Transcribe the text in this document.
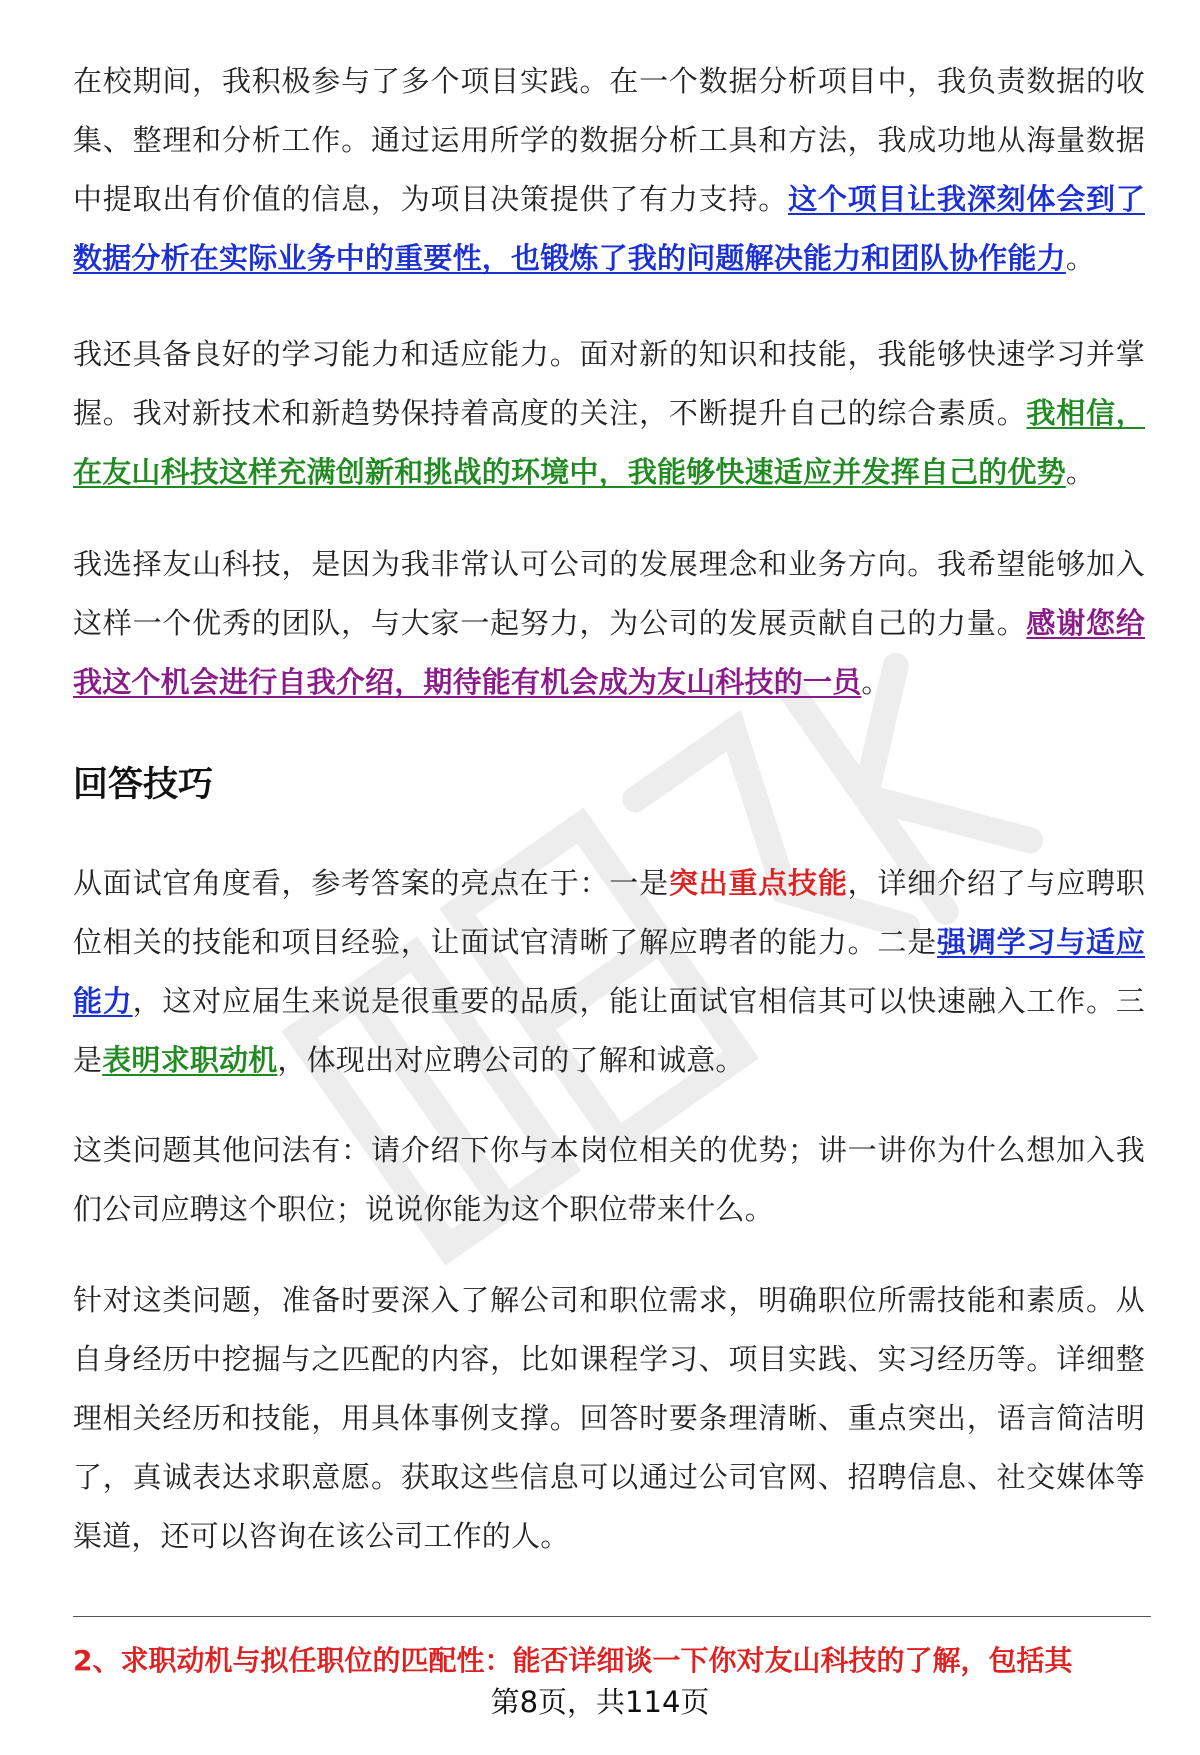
在校期间，我积极参与了多个项目实践。在一个数据分析项目中，我负责数据的收集、整理和分析工作。通过运用所学的数据分析工具和方法，我成功地从海量数据中提取出有价值的信息，为项目决策提供了有力支持。这个项目让我深刻体会到了数据分析在实际业务中的重要性，也锻炼了我的问题解决能力和团队协作能力。

我还具备良好的学习能力和适应能力。面对新的知识和技能，我能够快速学习并掌握。我对新技术和新趋势保持着高度的关注，不断提升自己的综合素质。我相信，在友山科技这样充满创新和挑战的环境中，我能够快速适应并发挥自己的优势。

我选择友山科技，是因为我非常认可公司的发展理念和业务方向。我希望能够加入这样一个优秀的团队，与大家一起努力，为公司的发展贡献自己的力量。感谢您给我这个机会进行自我介绍，期待能有机会成为友山科技的一员。

回答技巧

从面试官角度看，参考答案的亮点在于：一是突出重点技能，详细介绍了与应聘职位相关的技能和项目经验，让面试官清晰了解应聘者的能力。二是强调学习与适应能力，这对应届生来说是很重要的品质，能让面试官相信其可以快速融入工作。三是表明求职动机，体现出对应聘公司的了解和诚意。

这类问题其他问法有：请介绍下你与本岗位相关的优势；讲一讲你为什么想加入我们公司应聘这个职位；说说你能为这个职位带来什么。

针对这类问题，准备时要深入了解公司和职位需求，明确职位所需技能和素质。从自身经历中挖掘与之匹配的内容，比如课程学习、项目实践、实习经历等。详细整理相关经历和技能，用具体事例支撑。回答时要条理清晰、重点突出，语言简洁明了，真诚表达求职意愿。获取这些信息可以通过公司官网、招聘信息、社交媒体等渠道，还可以咨询在该公司工作的人。

2、求职动机与拟任职位的匹配性：能否详细谈一下你对友山科技的了解，包括其

第8页，共114页
